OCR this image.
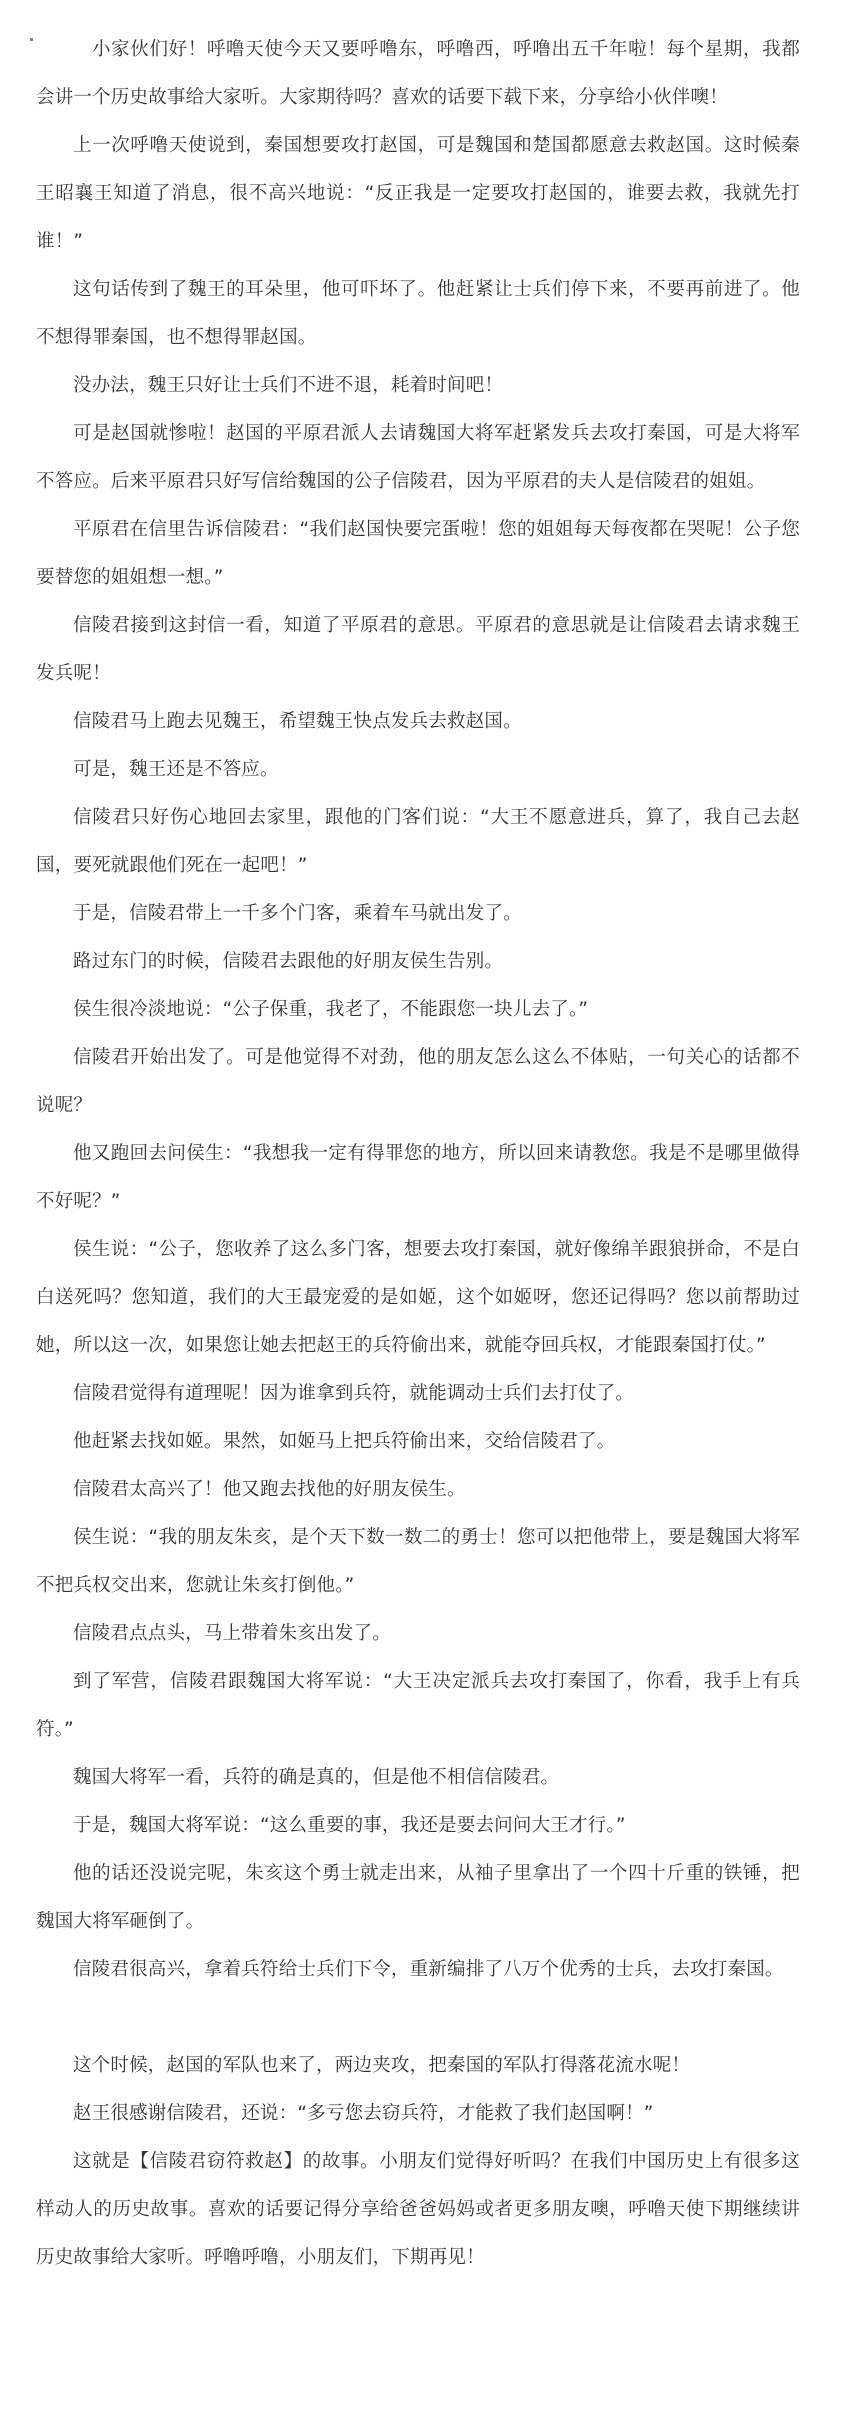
小家伙们好！呼噜天使今天又要呼噜东，呼噜西，呼噜出五千年啦！每个星期，我都会讲一个历史故事给大家听。大家期待吗？喜欢的话要下载下来，分享给小伙伴噢！

上一次呼噜天使说到，秦国想要攻打赵国，可是魏国和楚国都愿意去救赵国。这时候秦王昭襄王知道了消息，很不高兴地说：“反正我是一定要攻打赵国的，谁要去救，我就先打谁！”

这句话传到了魏王的耳朵里，他可吓坏了。他赶紧让士兵们停下来，不要再前进了。他不想得罪秦国，也不想得罪赵国。

没办法，魏王只好让士兵们不进不退，耗着时间吧！

可是赵国就惨啦！赵国的平原君派人去请魏国大将军赶紧发兵去攻打秦国，可是大将军不答应。后来平原君只好写信给魏国的公子信陵君，因为平原君的夫人是信陵君的姐姐。

平原君在信里告诉信陵君：“我们赵国快要完蛋啦！您的姐姐每天每夜都在哭呢！公子您要替您的姐姐想一想。”

信陵君接到这封信一看，知道了平原君的意思。平原君的意思就是让信陵君去请求魏王发兵呢！

信陵君马上跑去见魏王，希望魏王快点发兵去救赵国。

可是，魏王还是不答应。

信陵君只好伤心地回去家里，跟他的门客们说：“大王不愿意进兵，算了，我自己去赵国，要死就跟他们死在一起吧！”

于是，信陵君带上一千多个门客，乘着车马就出发了。

路过东门的时候，信陵君去跟他的好朋友侯生告别。

侯生很冷淡地说：“公子保重，我老了，不能跟您一块儿去了。”

信陵君开始出发了。可是他觉得不对劲，他的朋友怎么这么不体贴，一句关心的话都不说呢？

他又跑回去问侯生：“我想我一定有得罪您的地方，所以回来请教您。我是不是哪里做得不好呢？”

侯生说：“公子，您收养了这么多门客，想要去攻打秦国，就好像绵羊跟狼拼命，不是白白送死吗？您知道，我们的大王最宠爱的是如姬，这个如姬呀，您还记得吗？您以前帮助过她，所以这一次，如果您让她去把赵王的兵符偷出来，就能夺回兵权，才能跟秦国打仗。”

信陵君觉得有道理呢！因为谁拿到兵符，就能调动士兵们去打仗了。

他赶紧去找如姬。果然，如姬马上把兵符偷出来，交给信陵君了。

信陵君太高兴了！他又跑去找他的好朋友侯生。

侯生说：“我的朋友朱亥，是个天下数一数二的勇士！您可以把他带上，要是魏国大将军不把兵权交出来，您就让朱亥打倒他。”

信陵君点点头，马上带着朱亥出发了。

到了军营，信陵君跟魏国大将军说：“大王决定派兵去攻打秦国了，你看，我手上有兵符。”

魏国大将军一看，兵符的确是真的，但是他不相信信陵君。

于是，魏国大将军说：“这么重要的事，我还是要去问问大王才行。”

他的话还没说完呢，朱亥这个勇士就走出来，从袖子里拿出了一个四十斤重的铁锤，把魏国大将军砸倒了。

信陵君很高兴，拿着兵符给士兵们下令，重新编排了八万个优秀的士兵，去攻打秦国。

这个时候，赵国的军队也来了，两边夹攻，把秦国的军队打得落花流水呢！

赵王很感谢信陵君，还说：“多亏您去窃兵符，才能救了我们赵国啊！”

这就是【信陵君窃符救赵】的故事。小朋友们觉得好听吗？在我们中国历史上有很多这样动人的历史故事。喜欢的话要记得分享给爸爸妈妈或者更多朋友噢，呼噜天使下期继续讲历史故事给大家听。呼噜呼噜，小朋友们，下期再见！
